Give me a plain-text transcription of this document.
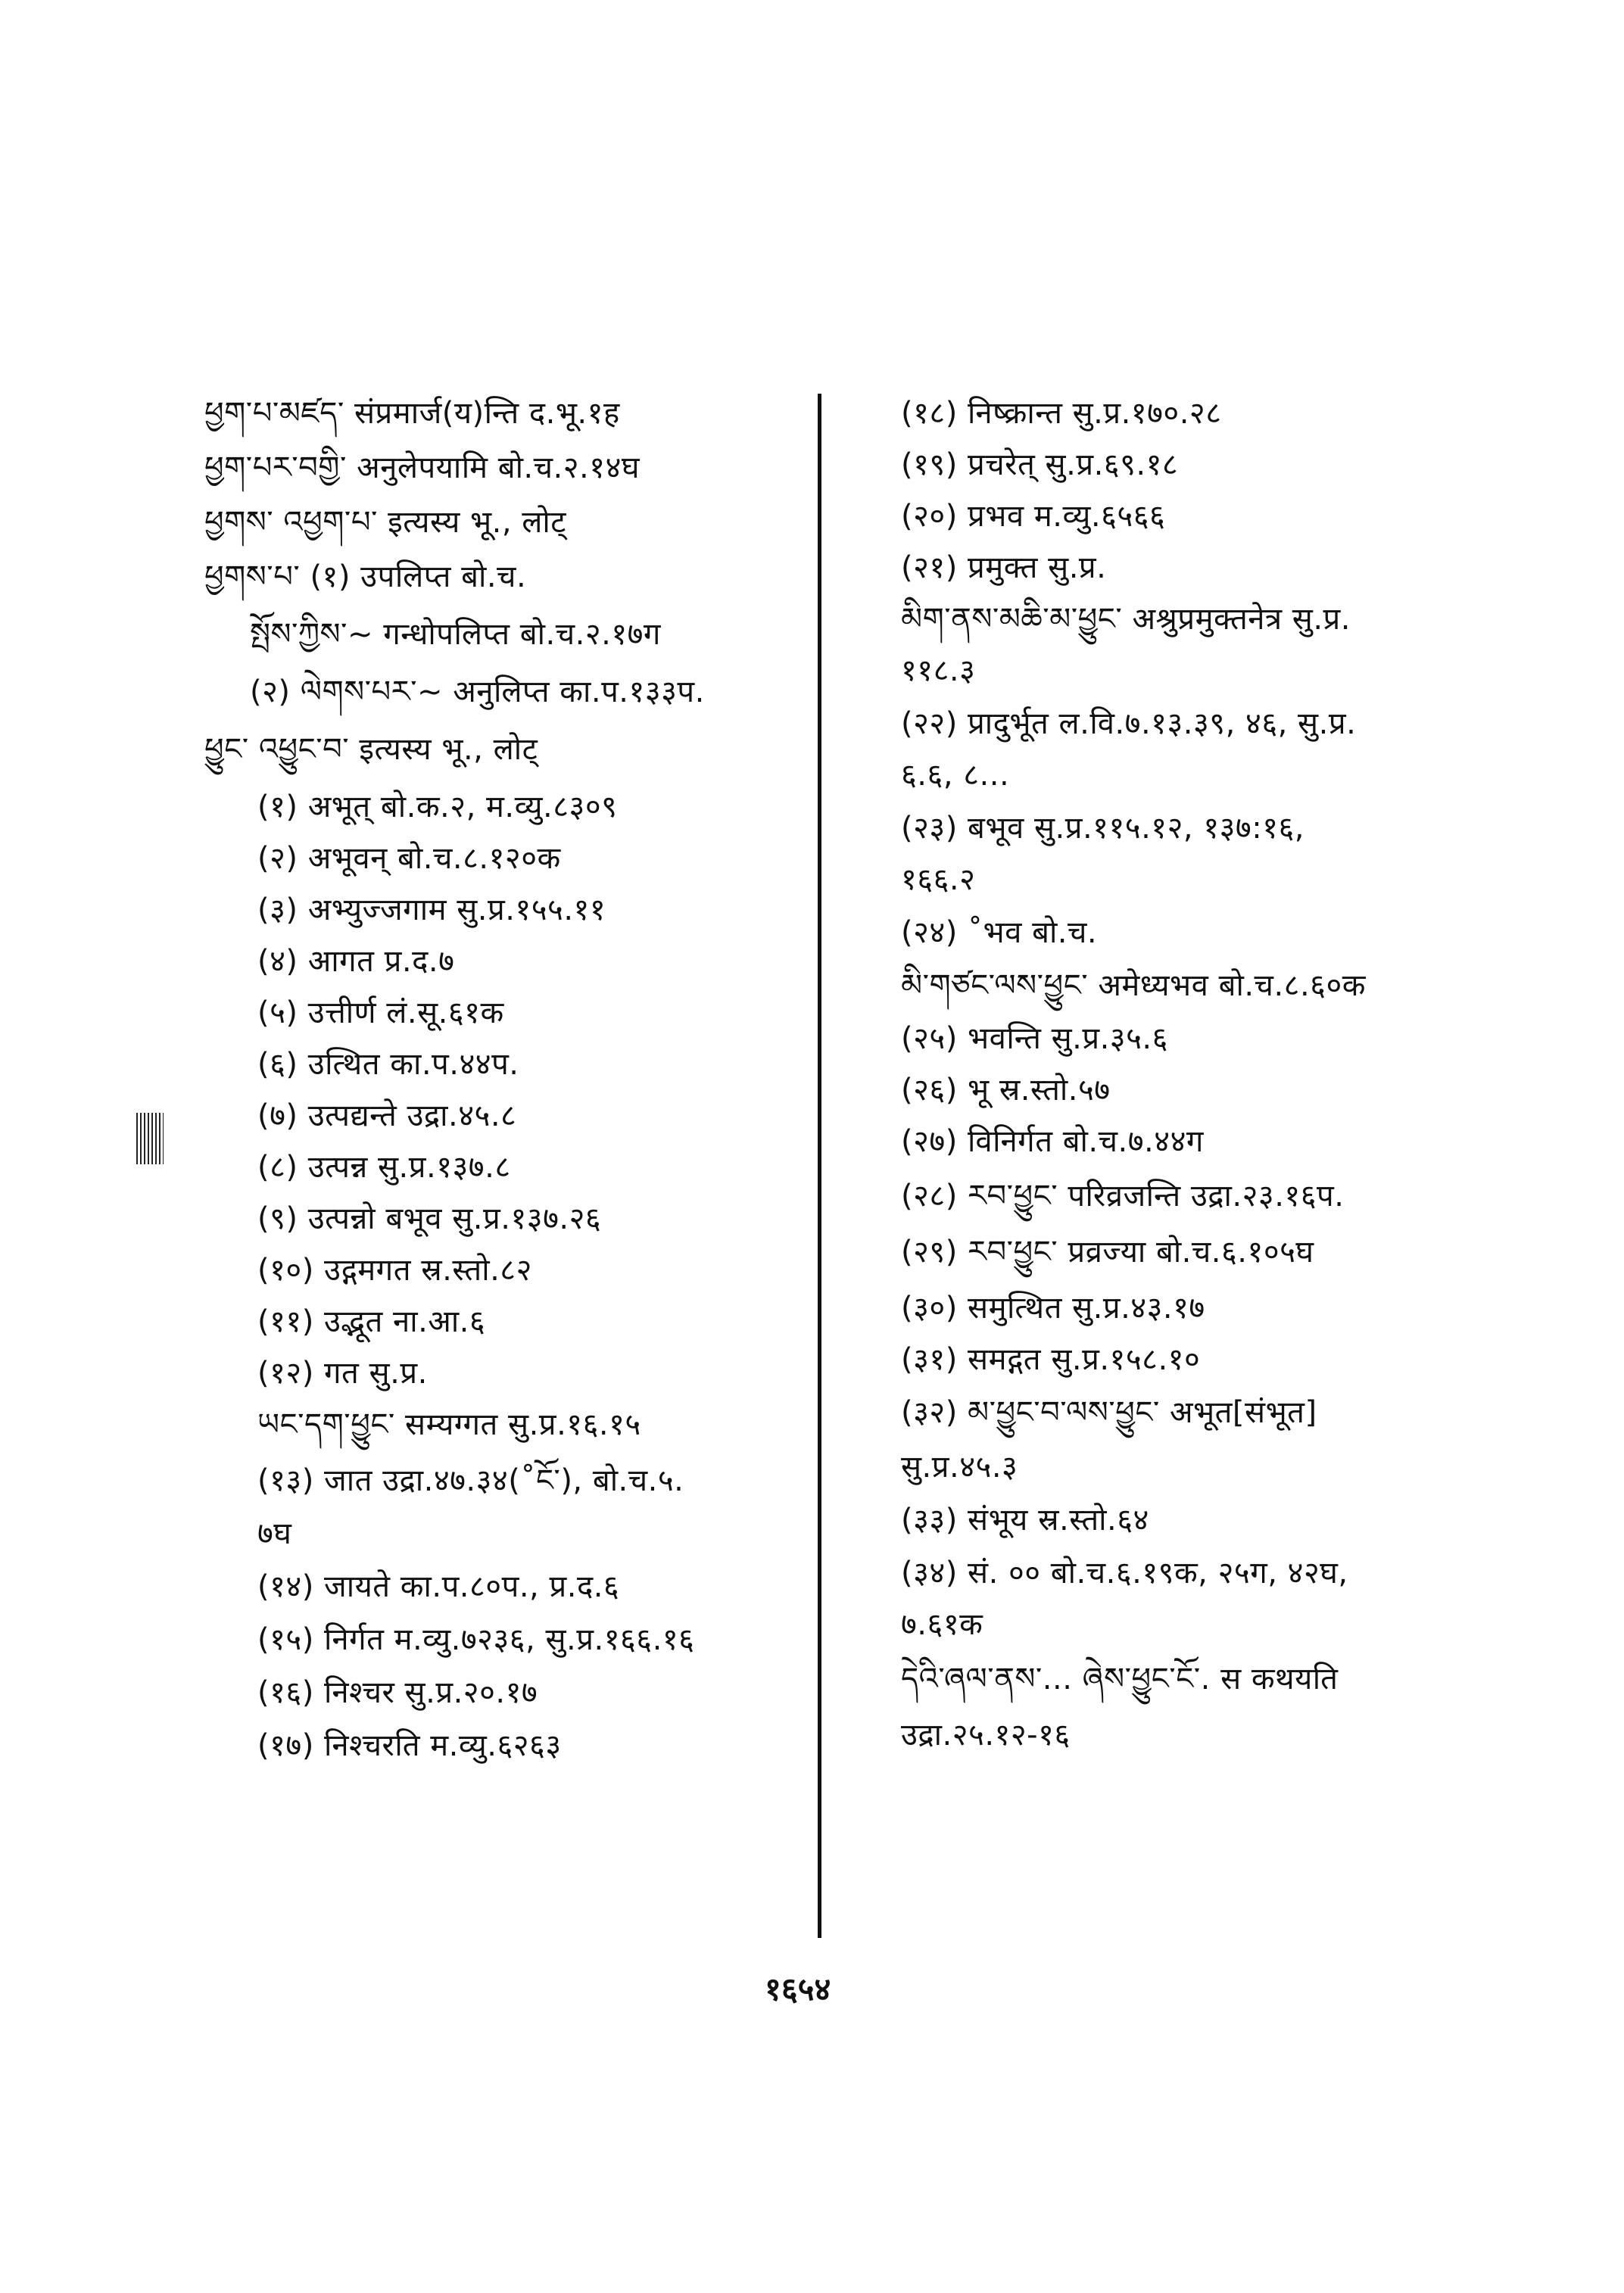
ཕྱག་པ་མཛད་ संप्रमार्ज(य)न्ति द.भू.१ह
ཕྱག་པར་བགྱི་ अनुलेपयामि बो.च.२.१४घ
ཕྱགས་ འཕྱག་པ་ इत्यस्य भू., लोट्
ཕྱགས་པ་ (१) उपलिप्त बो.च.
སྤོས་ཀྱིས་~ गन्धोपलिप्त बो.च.२.१७ग
(२) ལེགས་པར་~ अनुलिप्त का.प.१३३प.
ཕྱུང་ འཕྱུང་བ་ इत्यस्य भू., लोट्
(१) अभूत् बो.क.२, म.व्यु.८३०९
(२) अभूवन् बो.च.८.१२०क
(३) अभ्युज्जगाम सु.प्र.१५५.११
(४) आगत प्र.द.७
(५) उत्तीर्ण लं.सू.६१क
(६) उत्थित का.प.४४प.
(७) उत्पद्यन्ते उद्रा.४५.८
(८) उत्पन्न सु.प्र.१३७.८
(९) उत्पन्नो बभूव सु.प्र.१३७.२६
(१०) उद्गमगत स्र.स्तो.८२
(११) उद्भूत ना.आ.६
(१२) गत सु.प्र.
ཡང་དག་ཕྱུང་ सम्यग्गत सु.प्र.१६.१५
(१३) जात उद्रा.४७.३४(˚ངོ་), बो.च.५.
७घ
(१४) जायते का.प.८०प., प्र.द.६
(१५) निर्गत म.व्यु.७२३६, सु.प्र.१६६.१६
(१६) निश्चर सु.प्र.२०.१७
(१७) निश्चरति म.व्यु.६२६३
(१८) निष्क्रान्त सु.प्र.१७०.२८
(१९) प्रचरेत् सु.प्र.६९.१८
(२०) प्रभव म.व्यु.६५६६
(२१) प्रमुक्त सु.प्र.
མིག་ནས་མཆི་མ་ཕྱུང་ अश्रुप्रमुक्तनेत्र सु.प्र.
११८.३
(२२) प्रादुर्भूत ल.वि.७.१३.३९, ४६, सु.प्र.
६.६, ८...
(२३) बभूव सु.प्र.११५.१२, १३७:१६,
१६६.२
(२४) ˚भव बो.च.
མི་གཙང་ལས་ཕྱུང་ अमेध्यभव बो.च.८.६०क
(२५) भवन्ति सु.प्र.३५.६
(२६) भू स्र.स्तो.५७
(२७) विनिर्गत बो.च.७.४४ग
(२८) རབ་ཕྱུང་ परिव्रजन्ति उद्रा.२३.१६प.
(२९) རབ་ཕྱུང་ प्रव्रज्या बो.च.६.१०५घ
(३०) समुत्थित सु.प्र.४३.१७
(३१) समद्गत सु.प्र.१५८.१०
(३२) མ་ཕྱུང་བ་ལས་ཕྱུང་ अभूत[संभूत]
सु.प्र.४५.३
(३३) संभूय स्र.स्तो.६४
(३४) सं. ०० बो.च.६.१९क, २५ग, ४२घ,
७.६१क
དེའི་ཞལ་ནས་... ཞེས་ཕྱུང་ངོ་. स कथयति
उद्रा.२५.१२-१६
१६५४
